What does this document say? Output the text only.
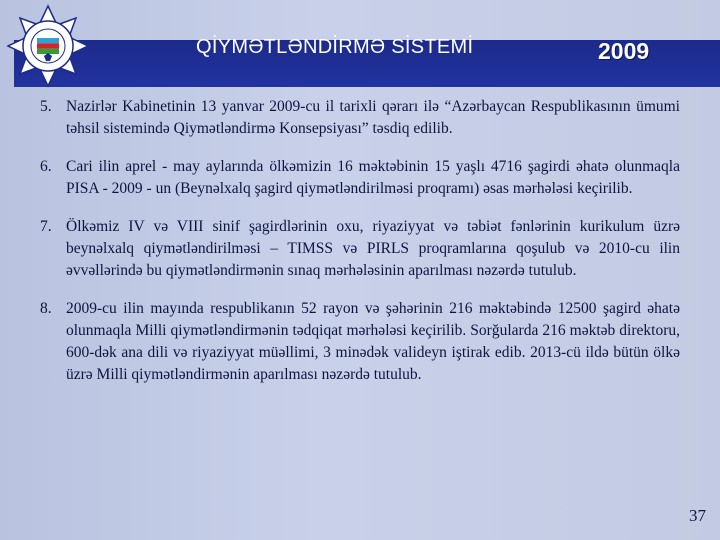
QİYMƏTLƏNDİRMƏ SİSTEMİ	2009
5. Nazirlər Kabinetinin 13 yanvar 2009-cu il tarixli qərarı ilə “Azərbaycan Respublikasının ümumi təhsil sistemində Qiymətləndirmə Konsepsiyası” təsdiq edilib.
6. Cari ilin aprel - may aylarında ölkəmizin 16 məktəbinin 15 yaşlı 4716 şagirdi əhatə olunmaqla PISA - 2009 - un (Beynəlxalq şagird qiymətləndirilməsi proqramı) əsas mərhələsi keçirilib.
7. Ölkəmiz IV və VIII sinif şagirdlərinin oxu, riyaziyyat və təbiət fənlərinin kurikulum üzrə beynəlxalq qiymətləndirilməsi – TIMSS və PIRLS proqramlarına qoşulub və 2010-cu ilin əvvəllərində bu qiymətləndirmənin sınaq mərhələsinin aparılması nəzərdə tutulub.
8. 2009-cu ilin mayında respublikanın 52 rayon və şəhərinin 216 məktəbində 12500 şagird əhatə olunmaqla Milli qiymətləndirmənin tədqiqat mərhələsi keçirilib. Sorğularda 216 məktəb direktoru, 600-dək ana dili və riyaziyyat müəllimi, 3 minədək valideyn iştirak edib. 2013-cü ildə bütün ölkə üzrə Milli qiymətləndirmənin aparılması nəzərdə tutulub.
37
